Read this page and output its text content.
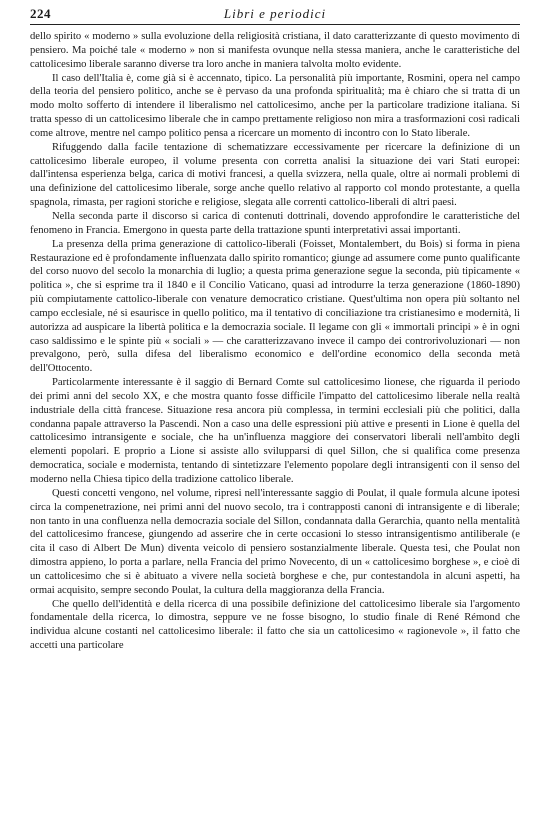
224	Libri e periodici

dello spirito « moderno » sulla evoluzione della religiosità cristiana, il dato caratterizzante di questo movimento di pensiero. Ma poiché tale « moderno » non si manifesta ovunque nella stessa maniera, anche le caratteristiche del cattolicesimo liberale saranno diverse tra loro anche in maniera talvolta molto evidente.

Il caso dell'Italia è, come già si è accennato, tipico. La personalità più importante, Rosmini, opera nel campo della teoria del pensiero politico, anche se è pervaso da una profonda spiritualità; ma è chiaro che si tratta di un modo molto sofferto di intendere il liberalismo nel cattolicesimo, anche per la particolare tradizione italiana. Si tratta spesso di un cattolicesimo liberale che in campo prettamente religioso non mira a trasformazioni così radicali come altrove, mentre nel campo politico pensa a ricercare un momento di incontro con lo Stato liberale.

Rifuggendo dalla facile tentazione di schematizzare eccessivamente per ricercare la definizione di un cattolicesimo liberale europeo, il volume presenta con corretta analisi la situazione dei vari Stati europei: dall'intensa esperienza belga, carica di motivi francesi, a quella svizzera, nella quale, oltre ai normali problemi di una definizione del cattolicesimo liberale, sorge anche quello relativo al rapporto col mondo protestante, a quella spagnola, rimasta, per ragioni storiche e religiose, slegata alle correnti cattolico-liberali di altri paesi.

Nella seconda parte il discorso si carica di contenuti dottrinali, dovendo approfondire le caratteristiche del fenomeno in Francia. Emergono in questa parte della trattazione spunti interpretativi assai importanti.

La presenza della prima generazione di cattolico-liberali (Foisset, Montalembert, du Bois) si forma in piena Restaurazione ed è profondamente influenzata dallo spirito romantico; giunge ad assumere come punto qualificante del corso nuovo del secolo la monarchia di luglio; a questa prima generazione segue la seconda, più tipicamente « politica », che si esprime tra il 1840 e il Concilio Vaticano, quasi ad introdurre la terza generazione (1860-1890) più compiutamente cattolico-liberale con venature democratico cristiane. Quest'ultima non opera più soltanto nel campo ecclesiale, né si esaurisce in quello politico, ma il tentativo di conciliazione tra cristianesimo e modernità, li autorizza ad auspicare la libertà politica e la democrazia sociale. Il legame con gli « immortali principi » è in ogni caso saldissimo e le spinte più « sociali » — che caratterizzavano invece il campo dei controrivoluzionari — non prevalgono, però, sulla difesa del liberalismo economico e dell'ordine economico della seconda metà dell'Ottocento.

Particolarmente interessante è il saggio di Bernard Comte sul cattolicesimo lionese, che riguarda il periodo dei primi anni del secolo XX, e che mostra quanto fosse difficile l'impatto del cattolicesimo liberale nella realtà industriale della città francese. Situazione resa ancora più complessa, in termini ecclesiali più che politici, dalla condanna papale attraverso la Pascendi. Non a caso una delle espressioni più attive e presenti in Lione è quella del cattolicesimo intransigente e sociale, che ha un'influenza maggiore dei conservatori liberali nell'ambito degli elementi popolari. E proprio a Lione si assiste allo svilupparsi di quel Sillon, che si qualifica come presenza democratica, sociale e modernista, tentando di sintetizzare l'elemento popolare degli intransigenti con il senso del moderno nella Chiesa tipico della tradizione cattolico liberale.

Questi concetti vengono, nel volume, ripresi nell'interessante saggio di Poulat, il quale formula alcune ipotesi circa la compenetrazione, nei primi anni del nuovo secolo, tra i contrapposti canoni di intransigente e di liberale; non tanto in una confluenza nella democrazia sociale del Sillon, condannata dalla Gerarchia, quanto nella mentalità del cattolicesimo francese, giungendo ad asserire che in certe occasioni lo stesso intransigentismo antiliberale (e cita il caso di Albert De Mun) diventa veicolo di pensiero sostanzialmente liberale. Questa tesi, che Poulat non dimostra appieno, lo porta a parlare, nella Francia del primo Novecento, di un « cattolicesimo borghese », e cioè di un cattolicesimo che si è abituato a vivere nella società borghese e che, pur contestandola in alcuni aspetti, ha ormai acquisito, sempre secondo Poulat, la cultura della maggioranza della Francia.

Che quello dell'identità e della ricerca di una possibile definizione del cattolicesimo liberale sia l'argomento fondamentale della ricerca, lo dimostra, seppure ve ne fosse bisogno, lo studio finale di René Rémond che individua alcune costanti nel cattolicesimo liberale: il fatto che sia un cattolicesimo « ragionevole », il fatto che accetti una particolare
